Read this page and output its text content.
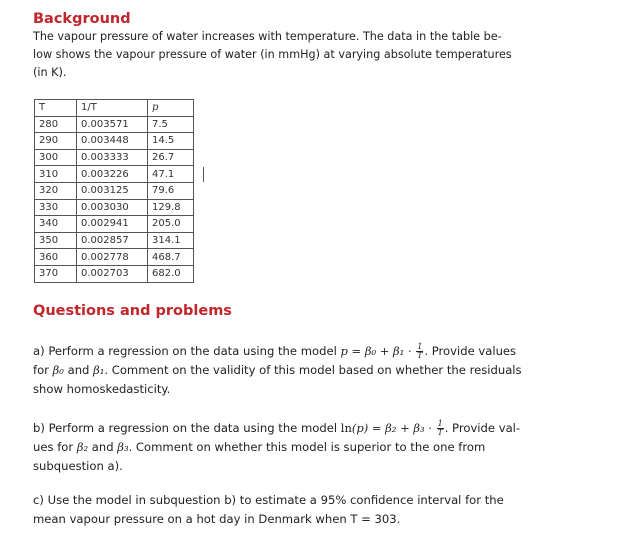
Background

The vapour pressure of water increases with temperature. The data in the table be-
low shows the vapour pressure of water (in mmHg) at varying absolute temperatures
(in K).

T	1/T	p
280	0.003571	7.5
290	0.003448	14.5
300	0.003333	26.7
310	0.003226	47.1
320	0.003125	79.6
330	0.003030	129.8
340	0.002941	205.0
350	0.002857	314.1
360	0.002778	468.7
370	0.002703	682.0
Questions and problems

a) Perform a regression on the data using the model $p = \beta_0 + \beta_1 \cdot \frac{1}{T}$ . Provide values
for β₀ and β₁. Comment on the validity of this model based on whether the residuals
show homoskedasticity.

b) Perform a regression on the data using the model $\ln(p) = \beta_2 + \beta_3 \cdot \frac{1}{T}$ . Provide val-
ues for β₂ and β₃. Comment on whether this model is superior to the one from
subquestion a).

c) Use the model in subquestion b) to estimate a 95% confidence interval for the
mean vapour pressure on a hot day in Denmark when T = 303.
